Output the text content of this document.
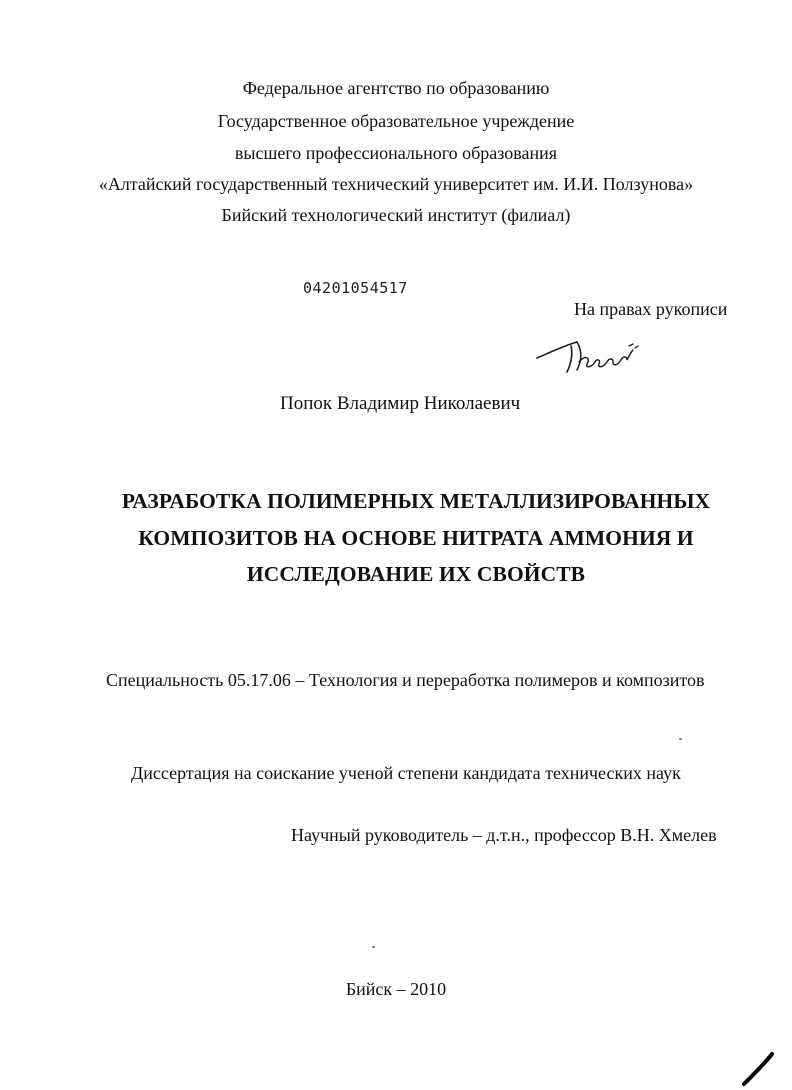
Федеральное агентство по образованию
Государственное образовательное учреждение
высшего профессионального образования
«Алтайский государственный технический университет им. И.И. Ползунова»
Бийский технологический институт (филиал)
04201054517
На правах рукописи
Попок Владимир Николаевич
РАЗРАБОТКА ПОЛИМЕРНЫХ МЕТАЛЛИЗИРОВАННЫХ
КОМПОЗИТОВ НА ОСНОВЕ НИТРАТА АММОНИЯ И
ИССЛЕДОВАНИЕ ИХ СВОЙСТВ
Специальность 05.17.06 – Технология и переработка полимеров и композитов
Диссертация на соискание ученой степени кандидата технических наук
Научный руководитель – д.т.н., профессор В.Н. Хмелев
Бийск – 2010
